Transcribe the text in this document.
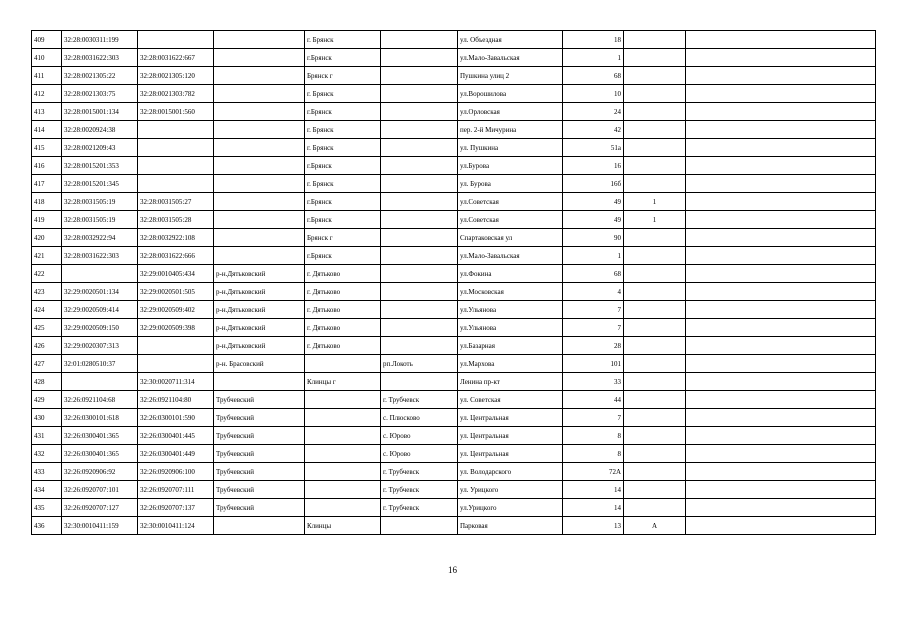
409	32:28:0030311:199			г. Брянск		ул. Объездная	18		
410	32:28:0031622:303	32:28:0031622:667		г.Брянск		ул.Мало-Завальская	1		
411	32:28:0021305:22	32:28:0021305:120		Брянск г		Пушкина улиц 2	68		
412	32:28:0021303:75	32:28:0021303:782		г. Брянск		ул.Ворошилова	10		
413	32:28:0015001:134	32:28:0015001:560		г.Брянск		ул.Орловская	24		
414	32:28:0020924:38			г. Брянск		пер. 2-й Мичурина	42		
415	32:28:0021209:43			г. Брянск		ул. Пушкина	51а		
416	32:28:0015201:353			г.Брянск		ул.Бурова	16		
417	32:28:0015201:345			г. Брянск		ул. Бурова	16б		
418	32:28:0031505:19	32:28:0031505:27		г.Брянск		ул.Советская	49	1	
419	32:28:0031505:19	32:28:0031505:28		г.Брянск		ул.Советская	49	1	
420	32:28:0032922:94	32:28:0032922:108		Брянск г		Спартаковская ул	90		
421	32:28:0031622:303	32:28:0031622:666		г.Брянск		ул.Мало-Завальская	1		
422		32:29:0010405:434	р-н.Дятьковский	г. Дятьково		ул.Фокина	68		
423	32:29:0020501:134	32:29:0020501:505	р-н.Дятьковский	г. Дятьково		ул.Московская	4		
424	32:29:0020509:414	32:29:0020509:402	р-н.Дятьковский	г. Дятьково		ул.Ульянова	7		
425	32:29:0020509:150	32:29:0020509:398	р-н.Дятьковский	г. Дятьково		ул.Ульянова	7		
426	32:29:0020307:313		р-н.Дятьковский	г. Дятьково		ул.Базарная	28		
427	32:01:0280510:37		р-н. Брасовский		рп.Локоть	ул.Мархова	101		
428		32:30:0020711:314		Клинцы г		Ленина пр-кт	33		
429	32:26:0921104:68	32:26:0921104:80	Трубчевский		г. Трубчевск	ул. Советская	44		
430	32:26:0300101:618	32:26:0300101:590	Трубчевский		с. Плюсково	ул. Центральная	7		
431	32:26:0300401:365	32:26:0300401:445	Трубчевский		с. Юрово	ул. Центральная	8		
432	32:26:0300401:365	32:26:0300401:449	Трубчевский		с. Юрово	ул. Центральная	8		
433	32:26:0920906:92	32:26:0920906:100	Трубчевский		г. Трубчевск	ул. Володарского	72А		
434	32:26:0920707:101	32:26:0920707:111	Трубчевский		г. Трубчевск	ул. Урицкого	14		
435	32:26:0920707:127	32:26:0920707:137	Трубчевский		г. Трубчевск	ул.Урицкого	14		
436	32:30:0010411:159	32:30:0010411:124		Клинцы		Парковая	13	А	
16
